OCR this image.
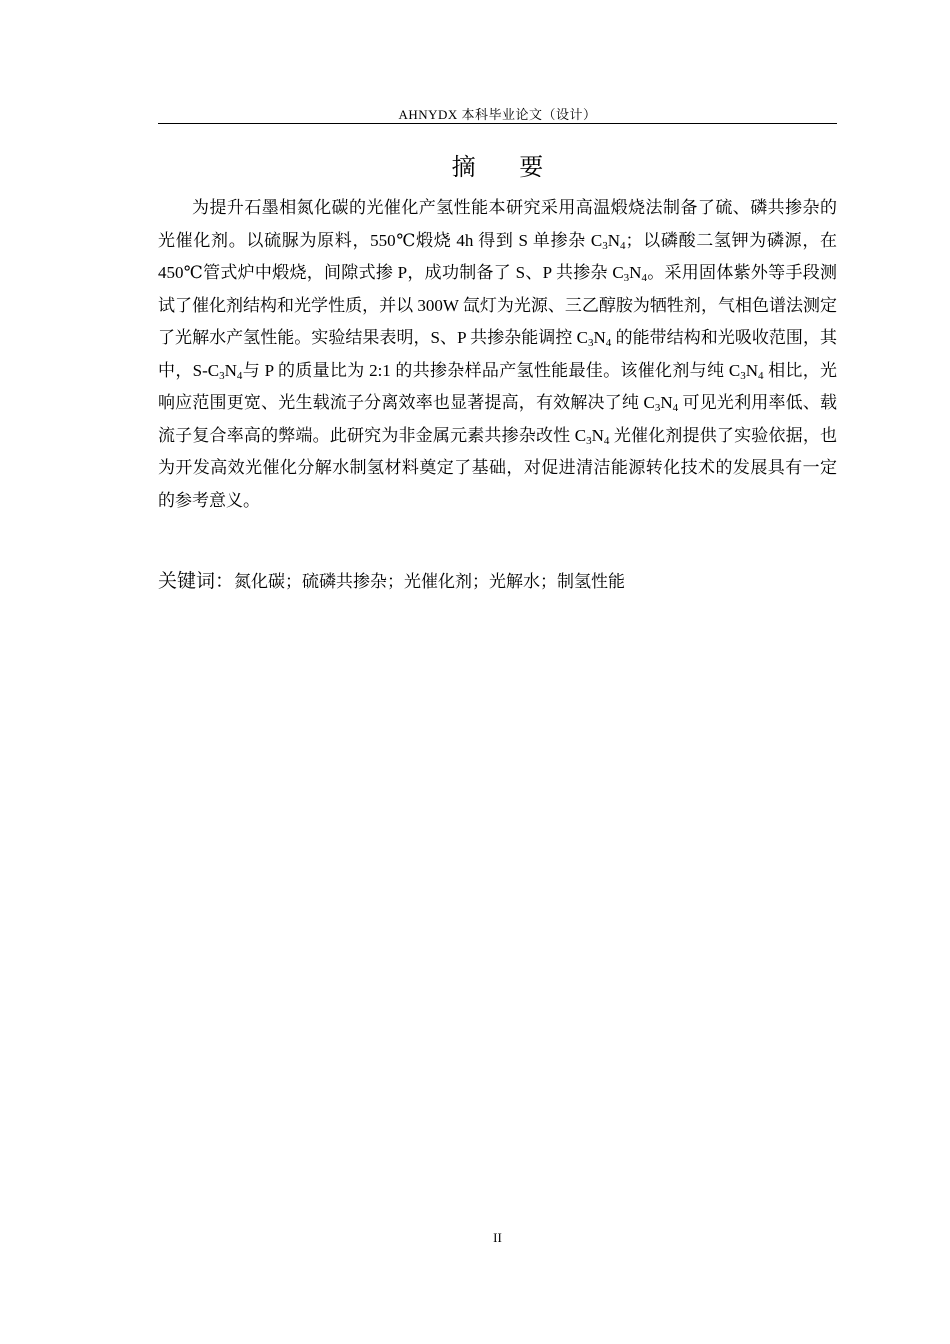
AHNYDX 本科毕业论文（设计）
摘 要
为提升石墨相氮化碳的光催化产氢性能本研究采用高温煅烧法制备了硫、磷共掺杂的光催化剂。以硫脲为原料，550℃煅烧 4h 得到 S 单掺杂 $C_3N_4$；以磷酸二氢钾为磷源，在 450℃管式炉中煅烧，间隙式掺 P，成功制备了 S、P 共掺杂 $C_3N_4$。采用固体紫外等手段测试了催化剂结构和光学性质，并以 300W 氙灯为光源、三乙醇胺为牺牲剂，气相色谱法测定了光解水产氢性能。实验结果表明，S、P 共掺杂能调控 $C_3N_4$ 的能带结构和光吸收范围，其中，$S-C_3N_4$与 P 的质量比为 2:1 的共掺杂样品产氢性能最佳。该催化剂与纯 $C_3N_4$ 相比，光响应范围更宽、光生载流子分离效率也显著提高，有效解决了纯 $C_3N_4$ 可见光利用率低、载流子复合率高的弊端。此研究为非金属元素共掺杂改性 $C_3N_4$ 光催化剂提供了实验依据，也为开发高效光催化分解水制氢材料奠定了基础，对促进清洁能源转化技术的发展具有一定的参考意义。
关键词：氮化碳；硫磷共掺杂；光催化剂；光解水；制氢性能
II
